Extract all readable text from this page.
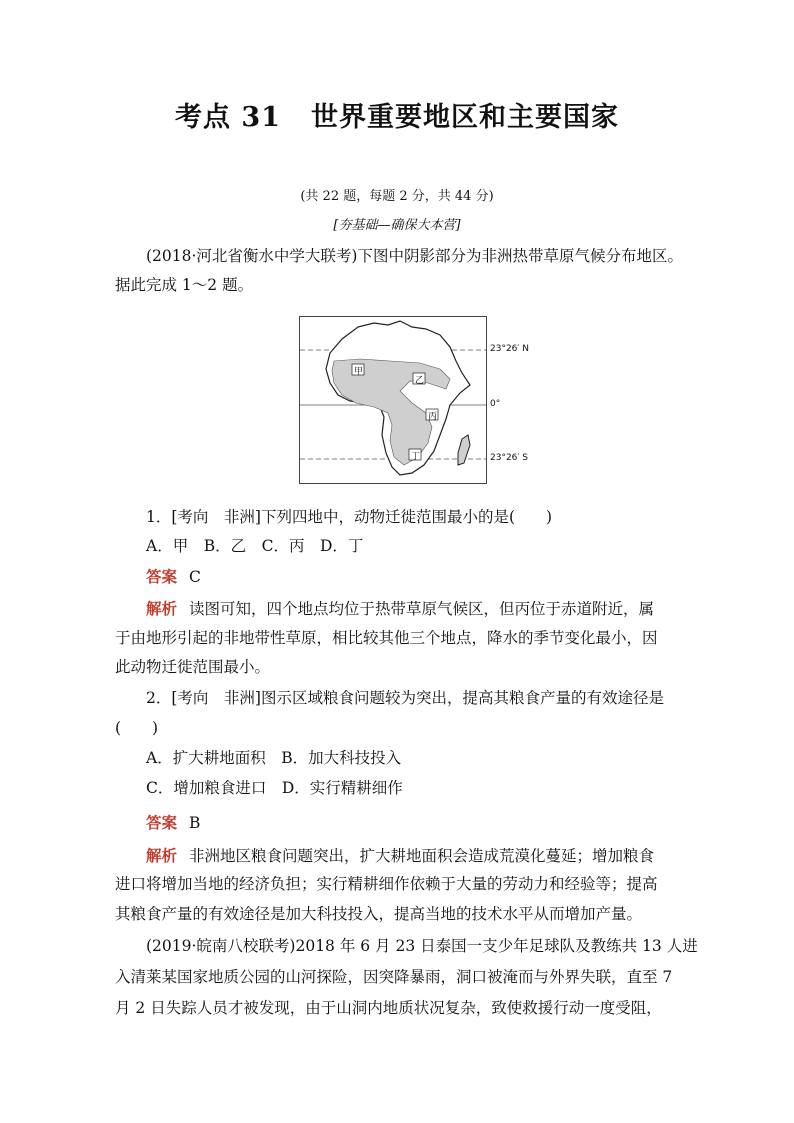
考点 31 世界重要地区和主要国家
(共 22 题，每题 2 分，共 44 分)
[夯基础—确保大本营]
(2018·河北省衡水中学大联考)下图中阴影部分为非洲热带草原气候分布地区。
据此完成 1～2 题。
甲
乙
丙
丁
23°26′ N
0°
23°26′ S
1．[考向　非洲]下列四地中，动物迁徙范围最小的是(　　)
A．甲　B．乙　C．丙　D．丁
答案 C
解析 读图可知，四个地点均位于热带草原气候区，但丙位于赤道附近，属
于由地形引起的非地带性草原，相比较其他三个地点，降水的季节变化最小，因
此动物迁徙范围最小。
2．[考向　非洲]图示区域粮食问题较为突出，提高其粮食产量的有效途径是
(　　)
A．扩大耕地面积　B．加大科技投入
C．增加粮食进口　D．实行精耕细作
答案 B
解析 非洲地区粮食问题突出，扩大耕地面积会造成荒漠化蔓延；增加粮食
进口将增加当地的经济负担；实行精耕细作依赖于大量的劳动力和经验等；提高
其粮食产量的有效途径是加大科技投入，提高当地的技术水平从而增加产量。
(2019·皖南八校联考)2018 年 6 月 23 日泰国一支少年足球队及教练共 13 人进
入清莱某国家地质公园的山河探险，因突降暴雨，洞口被淹而与外界失联，直至 7
月 2 日失踪人员才被发现，由于山洞内地质状况复杂，致使救援行动一度受阻，
